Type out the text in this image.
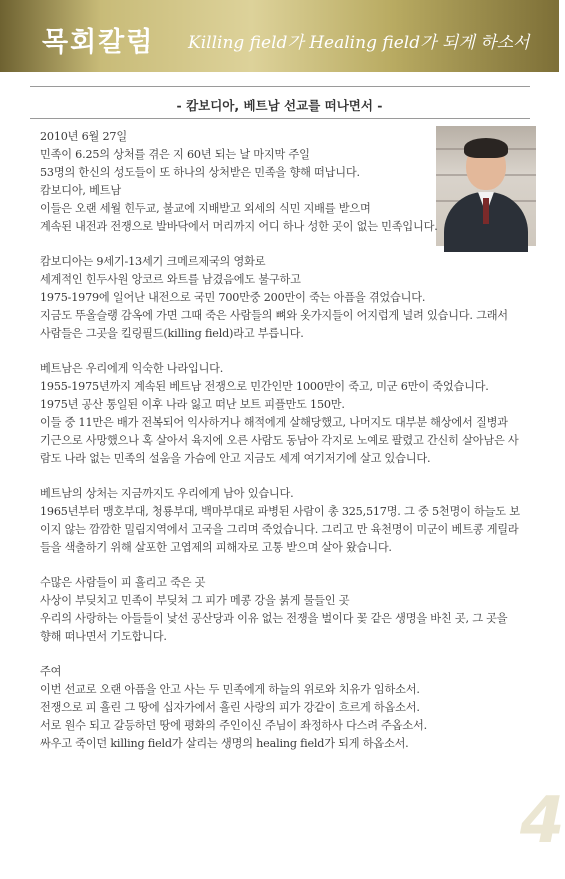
목회칼럼 Killing field가 Healing field가 되게 하소서
- 캄보디아, 베트남 선교를 떠나면서 -

2010년 6월 27일

민족이 6.25의 상처를 겪은 지 60년 되는 날 마지막 주일

53명의 한신의 성도들이 또 하나의 상처받은 민족을 향해 떠납니다.

캄보디아, 베트남

이들은 오랜 세월 힌두교, 불교에 지배받고 외세의 식민 지배를 받으며

계속된 내전과 전쟁으로 발바닥에서 머리까지 어디 하나 성한 곳이 없는 민족입니다.

캄보디아는 9세기-13세기 크메르제국의 영화로

세계적인 힌두사원 앙코르 와트를 남겼음에도 불구하고

1975-1979에 일어난 내전으로 국민 700만중 200만이 죽는 아픔을 겪었습니다.

지금도 뚜올슬랭 감옥에 가면 그때 죽은 사람들의 뼈와 옷가지들이 어지럽게 널려 있습니다. 그래서 사람들은 그곳을 킬링필드(killing field)라고 부릅니다.

베트남은 우리에게 익숙한 나라입니다.

1955-1975년까지 계속된 베트남 전쟁으로 민간인만 1000만이 죽고, 미군 6만이 죽었습니다.

1975년 공산 통일된 이후 나라 잃고 떠난 보트 피플만도 150만.

이들 중 11만은 배가 전복되어 익사하거나 해적에게 살해당했고, 나머지도 대부분 해상에서 질병과 기근으로 사망했으나 혹 살아서 육지에 오른 사람도 동남아 각지로 노예로 팔렸고 간신히 살아남은 사람도 나라 없는 민족의 설움을 가슴에 안고 지금도 세계 여기저기에 살고 있습니다.

베트남의 상처는 지금까지도 우리에게 남아 있습니다.

1965년부터 맹호부대, 청룡부대, 백마부대로 파병된 사람이 총 325,517명. 그 중 5천명이 하늘도 보이지 않는 깜깜한 밀림지역에서 고국을 그리며 죽었습니다. 그리고 만 육천명이 미군이 베트콩 게릴라들을 색출하기 위해 살포한 고엽제의 피해자로 고통 받으며 살아 왔습니다.

수많은 사람들이 피 흘리고 죽은 곳

사상이 부딪치고 민족이 부딪쳐 그 피가 메콩 강을 붉게 물들인 곳

우리의 사랑하는 아들들이 낯선 공산당과 이유 없는 전쟁을 벌이다 꽃 같은 생명을 바친 곳, 그 곳을 향해 떠나면서 기도합니다.

주여

이번 선교로 오랜 아픔을 안고 사는 두 민족에게 하늘의 위로와 치유가 임하소서.

전쟁으로 피 흘린 그 땅에 십자가에서 흘린 사랑의 피가 강같이 흐르게 하옵소서.

서로 원수 되고 갈등하던 땅에 평화의 주인이신 주님이 좌정하사 다스려 주옵소서.

싸우고 죽이던 killing field가 살리는 생명의 healing field가 되게 하옵소서.

4
